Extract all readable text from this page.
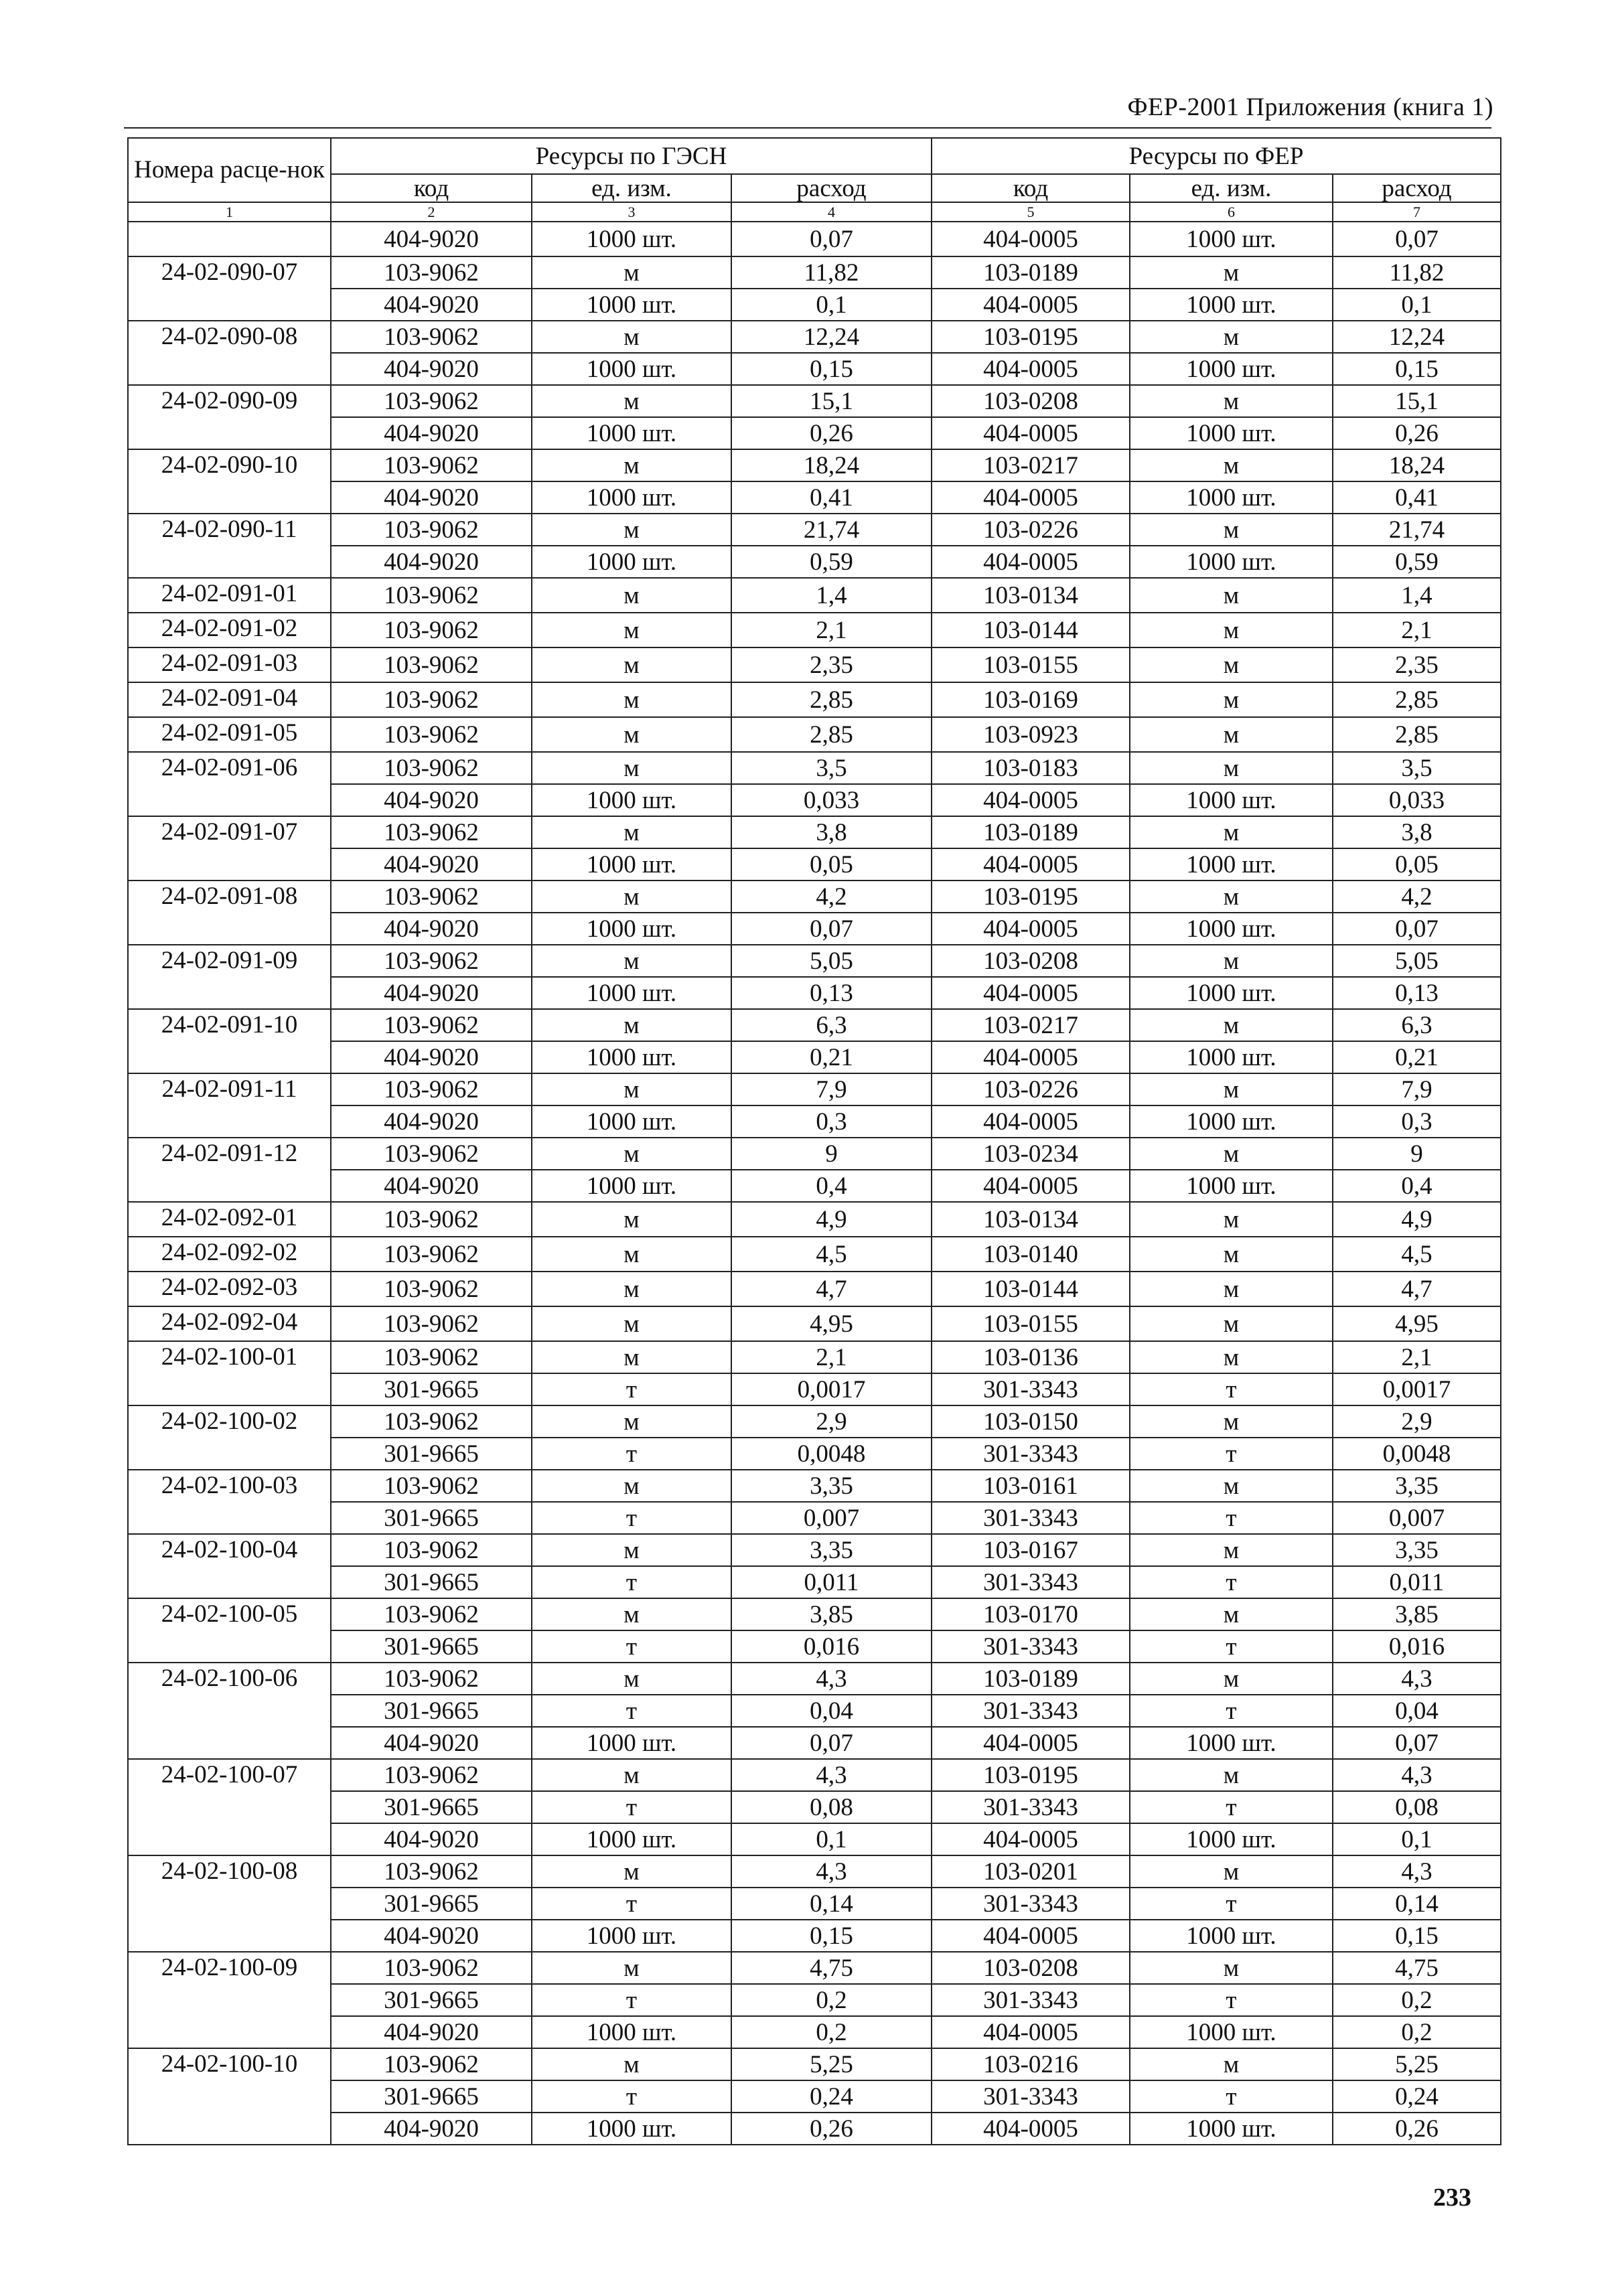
ФЕР-2001 Приложения (книга 1)
Номера расце-нок	Ресурсы по ГЭСН			Ресурсы по ФЕР		
	код	ед. изм.	расход	код	ед. изм.	расход
1	2	3	4	5	6	7
	404-9020	1000 шт.	0,07	404-0005	1000 шт.	0,07
24-02-090-07	103-9062	м	11,82	103-0189	м	11,82
	404-9020	1000 шт.	0,1	404-0005	1000 шт.	0,1
24-02-090-08	103-9062	м	12,24	103-0195	м	12,24
	404-9020	1000 шт.	0,15	404-0005	1000 шт.	0,15
24-02-090-09	103-9062	м	15,1	103-0208	м	15,1
	404-9020	1000 шт.	0,26	404-0005	1000 шт.	0,26
24-02-090-10	103-9062	м	18,24	103-0217	м	18,24
	404-9020	1000 шт.	0,41	404-0005	1000 шт.	0,41
24-02-090-11	103-9062	м	21,74	103-0226	м	21,74
	404-9020	1000 шт.	0,59	404-0005	1000 шт.	0,59
24-02-091-01	103-9062	м	1,4	103-0134	м	1,4
24-02-091-02	103-9062	м	2,1	103-0144	м	2,1
24-02-091-03	103-9062	м	2,35	103-0155	м	2,35
24-02-091-04	103-9062	м	2,85	103-0169	м	2,85
24-02-091-05	103-9062	м	2,85	103-0923	м	2,85
24-02-091-06	103-9062	м	3,5	103-0183	м	3,5
	404-9020	1000 шт.	0,033	404-0005	1000 шт.	0,033
24-02-091-07	103-9062	м	3,8	103-0189	м	3,8
	404-9020	1000 шт.	0,05	404-0005	1000 шт.	0,05
24-02-091-08	103-9062	м	4,2	103-0195	м	4,2
	404-9020	1000 шт.	0,07	404-0005	1000 шт.	0,07
24-02-091-09	103-9062	м	5,05	103-0208	м	5,05
	404-9020	1000 шт.	0,13	404-0005	1000 шт.	0,13
24-02-091-10	103-9062	м	6,3	103-0217	м	6,3
	404-9020	1000 шт.	0,21	404-0005	1000 шт.	0,21
24-02-091-11	103-9062	м	7,9	103-0226	м	7,9
	404-9020	1000 шт.	0,3	404-0005	1000 шт.	0,3
24-02-091-12	103-9062	м	9	103-0234	м	9
	404-9020	1000 шт.	0,4	404-0005	1000 шт.	0,4
24-02-092-01	103-9062	м	4,9	103-0134	м	4,9
24-02-092-02	103-9062	м	4,5	103-0140	м	4,5
24-02-092-03	103-9062	м	4,7	103-0144	м	4,7
24-02-092-04	103-9062	м	4,95	103-0155	м	4,95
24-02-100-01	103-9062	м	2,1	103-0136	м	2,1
	301-9665	т	0,0017	301-3343	т	0,0017
24-02-100-02	103-9062	м	2,9	103-0150	м	2,9
	301-9665	т	0,0048	301-3343	т	0,0048
24-02-100-03	103-9062	м	3,35	103-0161	м	3,35
	301-9665	т	0,007	301-3343	т	0,007
24-02-100-04	103-9062	м	3,35	103-0167	м	3,35
	301-9665	т	0,011	301-3343	т	0,011
24-02-100-05	103-9062	м	3,85	103-0170	м	3,85
	301-9665	т	0,016	301-3343	т	0,016
24-02-100-06	103-9062	м	4,3	103-0189	м	4,3
	301-9665	т	0,04	301-3343	т	0,04
	404-9020	1000 шт.	0,07	404-0005	1000 шт.	0,07
24-02-100-07	103-9062	м	4,3	103-0195	м	4,3
	301-9665	т	0,08	301-3343	т	0,08
	404-9020	1000 шт.	0,1	404-0005	1000 шт.	0,1
24-02-100-08	103-9062	м	4,3	103-0201	м	4,3
	301-9665	т	0,14	301-3343	т	0,14
	404-9020	1000 шт.	0,15	404-0005	1000 шт.	0,15
24-02-100-09	103-9062	м	4,75	103-0208	м	4,75
	301-9665	т	0,2	301-3343	т	0,2
	404-9020	1000 шт.	0,2	404-0005	1000 шт.	0,2
24-02-100-10	103-9062	м	5,25	103-0216	м	5,25
	301-9665	т	0,24	301-3343	т	0,24
	404-9020	1000 шт.	0,26	404-0005	1000 шт.	0,26
233
